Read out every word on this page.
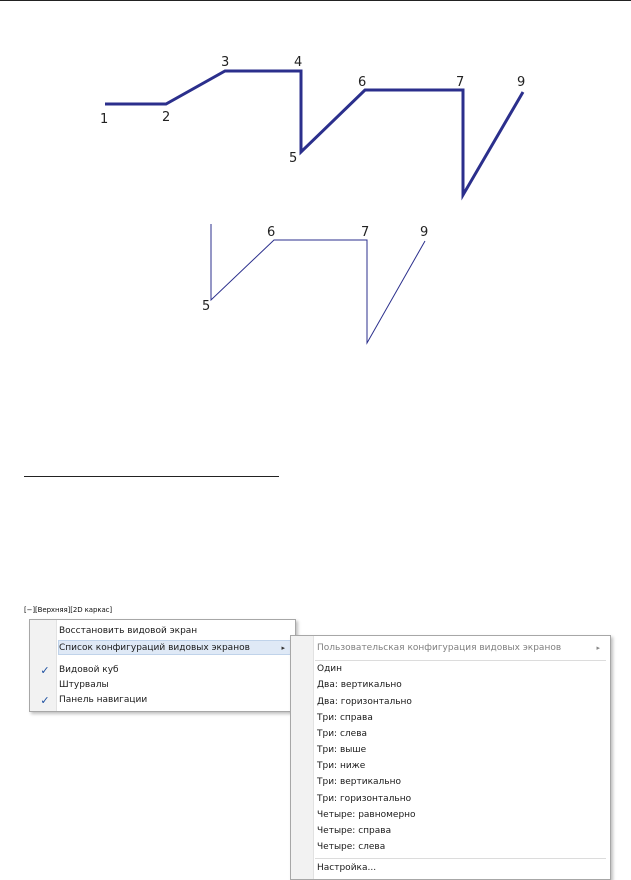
1	2
3	4
5
6	7	9
5
6	7	9
[−][Верхняя][2D каркас]
Восстановить видовой экран
Список конфигураций видовых экранов	▸
✓ Видовой куб
Штурвалы
✓ Панель навигации
Пользовательская конфигурация видовых экранов	▸
Один
Два: вертикально
Два: горизонтально
Три: справа
Три: слева
Три: выше
Три: ниже
Три: вертикально
Три: горизонтально
Четыре: равномерно
Четыре: справа
Четыре: слева
Настройка...
